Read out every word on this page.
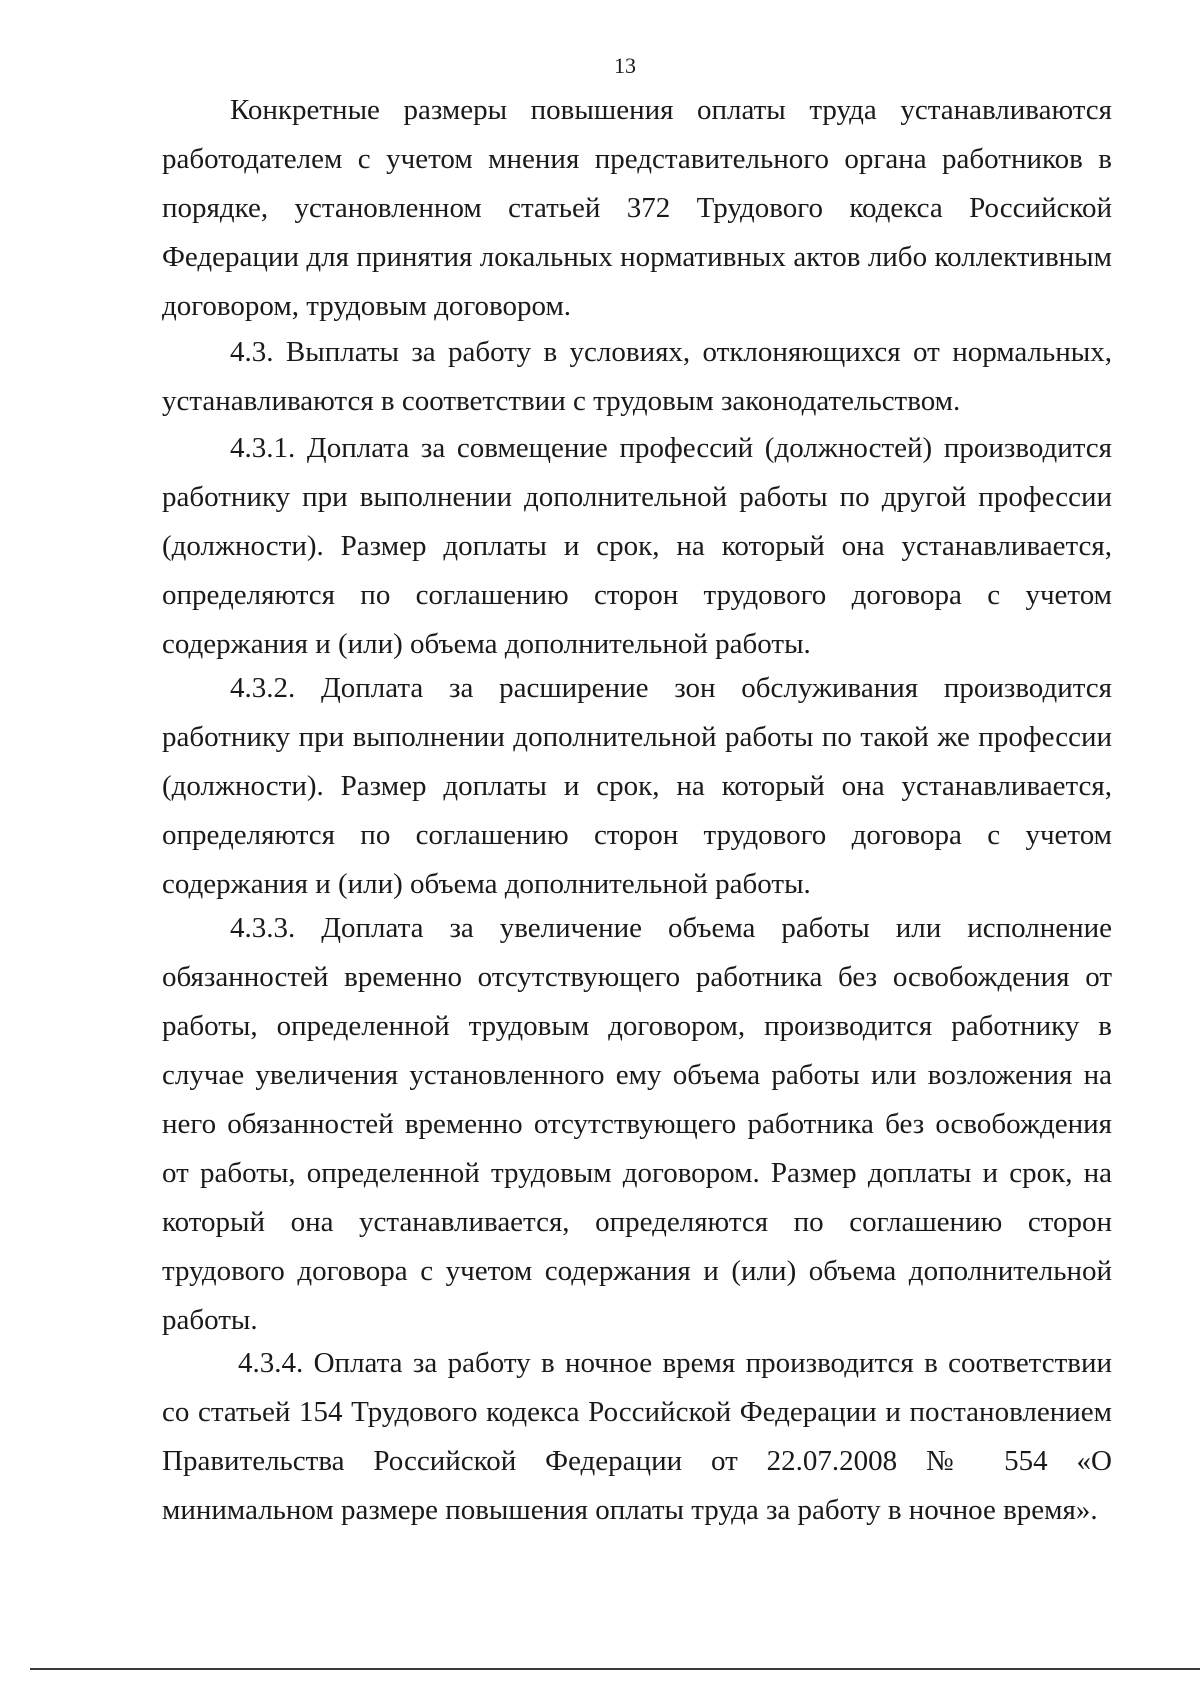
13

Конкретные размеры повышения оплаты труда устанавливаются работодателем с учетом мнения представительного органа работников в порядке, установленном статьей 372 Трудового кодекса Российской Федерации для принятия локальных нормативных актов либо коллективным договором, трудовым договором.

4.3. Выплаты за работу в условиях, отклоняющихся от нормальных, устанавливаются в соответствии с трудовым законодательством.

4.3.1. Доплата за совмещение профессий (должностей) производится работнику при выполнении дополнительной работы по другой профессии (должности). Размер доплаты и срок, на который она устанавливается, определяются по соглашению сторон трудового договора с учетом содержания и (или) объема дополнительной работы.

4.3.2. Доплата за расширение зон обслуживания производится работнику при выполнении дополнительной работы по такой же профессии (должности). Размер доплаты и срок, на который она устанавливается, определяются по соглашению сторон трудового договора с учетом содержания и (или) объема дополнительной работы.

4.3.3. Доплата за увеличение объема работы или исполнение обязанностей временно отсутствующего работника без освобождения от работы, определенной трудовым договором, производится работнику в случае увеличения установленного ему объема работы или возложения на него обязанностей временно отсутствующего работника без освобождения от работы, определенной трудовым договором. Размер доплаты и срок, на который она устанавливается, определяются по соглашению сторон трудового договора с учетом содержания и (или) объема дополнительной работы.

4.3.4. Оплата за работу в ночное время производится в соответствии со статьей 154 Трудового кодекса Российской Федерации и постановлением Правительства Российской Федерации от 22.07.2008 № 554 «О минимальном размере повышения оплаты труда за работу в ночное время».
